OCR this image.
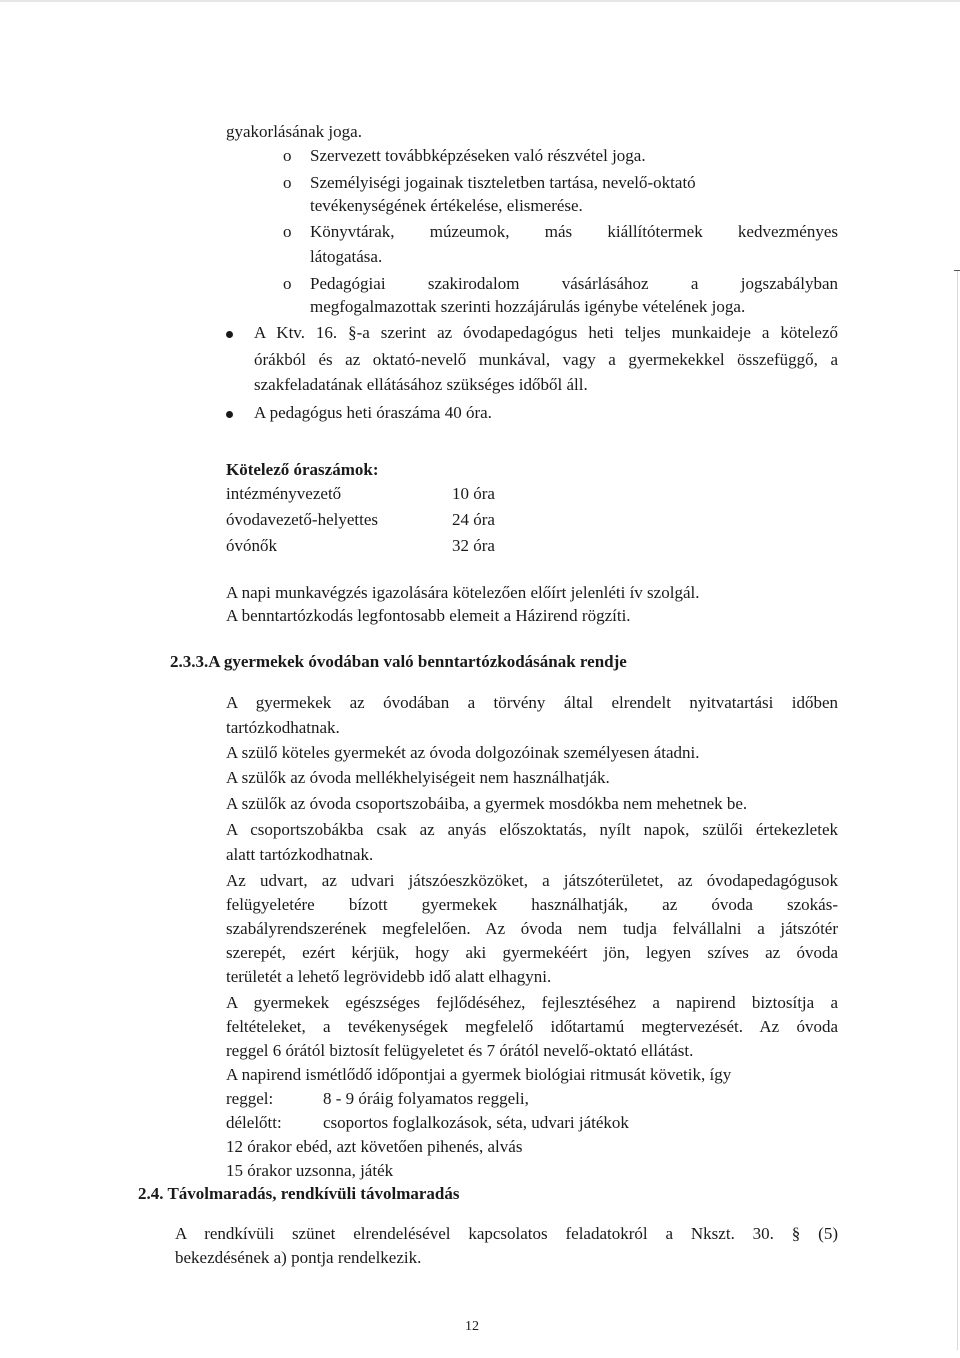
gyakorlásának joga.
o Szervezett továbbképzéseken való részvétel joga.
o Személyiségi jogainak tiszteletben tartása, nevelő-oktató
tevékenységének értékelése, elismerése.
o Könyvtárak, múzeumok, más kiállítótermek kedvezményes
látogatása.
o Pedagógiai szakirodalom vásárlásához a jogszabályban
megfogalmazottak szerinti hozzájárulás igénybe vételének joga.
A Ktv. 16. §-a szerint az óvodapedagógus heti teljes munkaideje a kötelező
órákból és az oktató-nevelő munkával, vagy a gyermekekkel összefüggő, a
szakfeladatának ellátásához szükséges időből áll.
A pedagógus heti óraszáma 40 óra.
Kötelező óraszámok:
intézményvezető	10 óra
óvodavezető-helyettes	24 óra
óvónők	32 óra
A napi munkavégzés igazolására kötelezően előírt jelenléti ív szolgál.
A benntartózkodás legfontosabb elemeit a Házirend rögzíti.
2.3.3.A gyermekek óvodában való benntartózkodásának rendje
A gyermekek az óvodában a törvény által elrendelt nyitvatartási időben
tartózkodhatnak.
A szülő köteles gyermekét az óvoda dolgozóinak személyesen átadni.
A szülők az óvoda mellékhelyiségeit nem használhatják.
A szülők az óvoda csoportszobáiba, a gyermek mosdókba nem mehetnek be.
A csoportszobákba csak az anyás előszoktatás, nyílt napok, szülői értekezletek
alatt tartózkodhatnak.
Az udvart, az udvari játszóeszközöket, a játszóterületet, az óvodapedagógusok
felügyeletére bízott gyermekek használhatják, az óvoda szokás-
szabályrendszerének megfelelően. Az óvoda nem tudja felvállalni a játszótér
szerepét, ezért kérjük, hogy aki gyermekéért jön, legyen szíves az óvoda
területét a lehető legrövidebb idő alatt elhagyni.
A gyermekek egészséges fejlődéséhez, fejlesztéséhez a napirend biztosítja a
feltételeket, a tevékenységek megfelelő időtartamú megtervezését. Az óvoda
reggel 6 órától biztosít felügyeletet és 7 órától nevelő-oktató ellátást.
A napirend ismétlődő időpontjai a gyermek biológiai ritmusát követik, így
reggel:	8 - 9 óráig folyamatos reggeli,
délelőtt: csoportos foglalkozások, séta, udvari játékok
12 órakor ebéd, azt követően pihenés, alvás
15 órakor uzsonna, játék
2.4. Távolmaradás, rendkívüli távolmaradás
A rendkívüli szünet elrendelésével kapcsolatos feladatokról a Nkszt. 30. § (5)
bekezdésének a) pontja rendelkezik.
12
